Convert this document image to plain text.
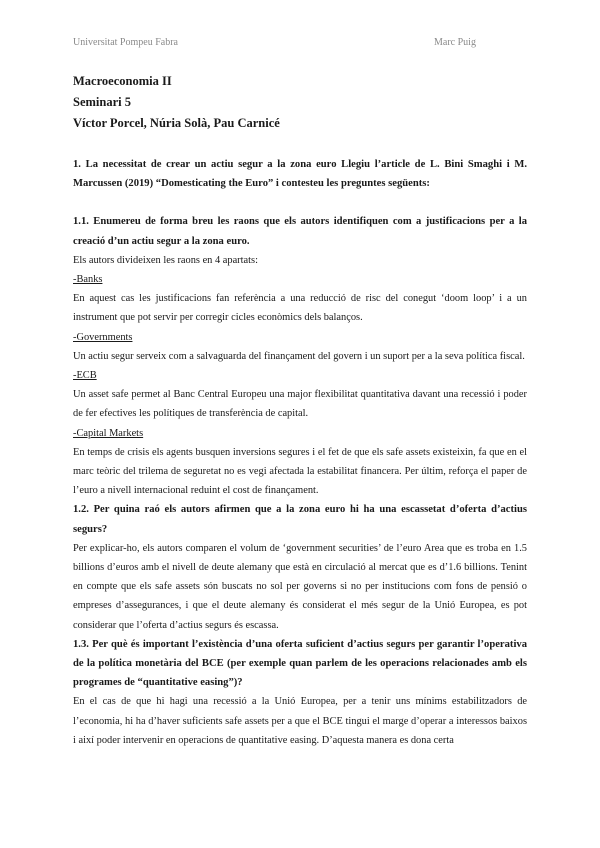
Universitat Pompeu Fabra	Marc Puig
Macroeconomia II
Seminari 5
Víctor Porcel, Núria Solà, Pau Carnicé

1. La necessitat de crear un actiu segur a la zona euro Llegiu l’article de L. Bini Smaghi i M. Marcussen (2019) “Domesticating the Euro” i contesteu les preguntes següents:

1.1. Enumereu de forma breu les raons que els autors identifiquen com a justificacions per a la creació d’un actiu segur a la zona euro.

Els autors divideixen les raons en 4 apartats:

-Banks

En aquest cas les justificacions fan referència a una reducció de risc del conegut ‘doom loop’ i a un instrument que pot servir per corregir cicles econòmics dels balanços.

-Governments

Un actiu segur serveix com a salvaguarda del finançament del govern i un suport per a la seva política fiscal.

-ECB

Un asset safe permet al Banc Central Europeu una major flexibilitat quantitativa davant una recessió i poder de fer efectives les polítiques de transferència de capital.

-Capital Markets

En temps de crisis els agents busquen inversions segures i el fet de que els safe assets existeixin, fa que en el marc teòric del trilema de seguretat no es vegi afectada la estabilitat financera. Per últim, reforça el paper de l’euro a nivell internacional reduint el cost de finançament.

1.2. Per quina raó els autors afirmen que a la zona euro hi ha una escassetat d’oferta d’actius segurs?

Per explicar-ho, els autors comparen el volum de ‘government securities’ de l’euro Area que es troba en 1.5 billions d’euros amb el nivell de deute alemany que està en circulació al mercat que es d’1.6 billions. Tenint en compte que els safe assets són buscats no sol per governs si no per institucions com fons de pensió o empreses d’assegurances, i que el deute alemany és considerat el més segur de la Unió Europea, es pot considerar que l’oferta d’actius segurs és escassa.

1.3. Per què és important l’existència d’una oferta suficient d’actius segurs per garantir l’operativa de la política monetària del BCE (per exemple quan parlem de les operacions relacionades amb els programes de “quantitative easing”)?

En el cas de que hi hagi una recessió a la Unió Europea, per a tenir uns mínims estabilitzadors de l’economia, hi ha d’haver suficients safe assets per a que el BCE tingui el marge d’operar a interessos baixos i així poder intervenir en operacions de quantitative easing. D’aquesta manera es dona certa
